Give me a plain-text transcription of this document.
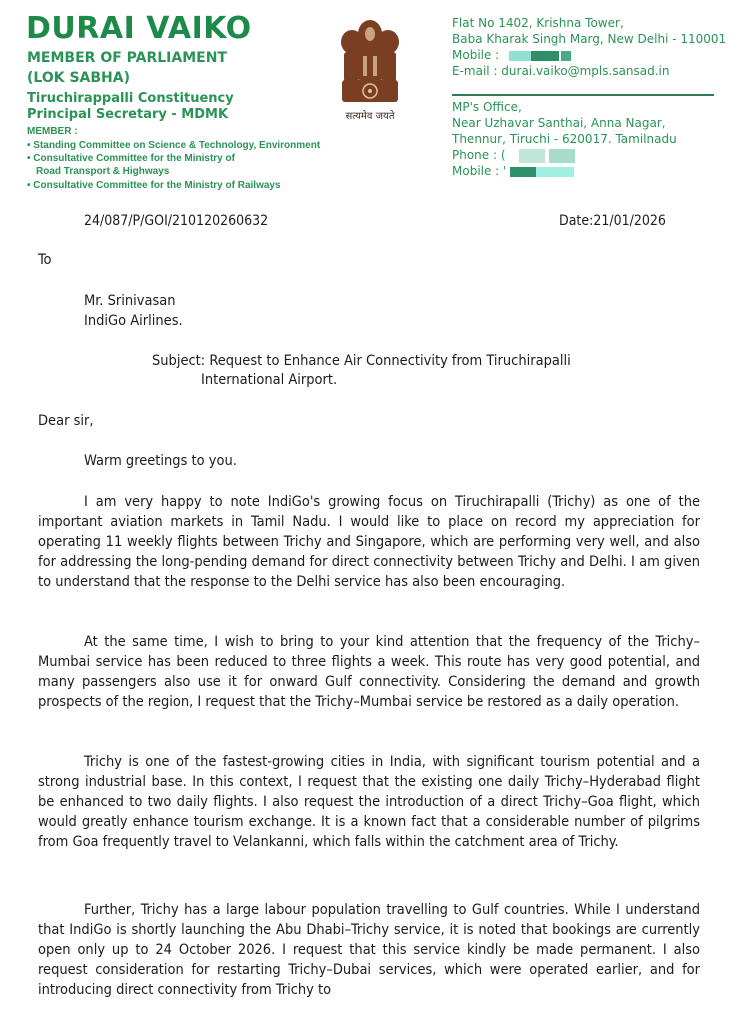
DURAI VAIKO
MEMBER OF PARLIAMENT
(LOK SABHA)
Tiruchirappalli Constituency
Principal Secretary - MDMK
MEMBER :
• Standing Committee on Science & Technology, Environment
• Consultative Committee for the Ministry of
Road Transport & Highways
• Consultative Committee for the Ministry of Railways
सत्यमेव जयते
Flat No 1402, Krishna Tower,
Baba Kharak Singh Marg, New Delhi - 110001
Mobile :
E-mail : durai.vaiko@mpls.sansad.in
MP's Office,
Near Uzhavar Santhai, Anna Nagar,
Thennur, Tiruchi - 620017. Tamilnadu
Phone : (
Mobile : '
24/087/P/GOI/210120260632	Date:21/01/2026
To
Mr. Srinivasan
IndiGo Airlines.
Subject: Request to Enhance Air Connectivity from Tiruchirapalli
International Airport.
Dear sir,
Warm greetings to you.

I am very happy to note IndiGo's growing focus on Tiruchirapalli (Trichy) as one of the important aviation markets in Tamil Nadu. I would like to place on record my appreciation for operating 11 weekly flights between Trichy and Singapore, which are performing very well, and also for addressing the long-pending demand for direct connectivity between Trichy and Delhi. I am given to understand that the response to the Delhi service has also been encouraging.

At the same time, I wish to bring to your kind attention that the frequency of the Trichy–Mumbai service has been reduced to three flights a week. This route has very good potential, and many passengers also use it for onward Gulf connectivity. Considering the demand and growth prospects of the region, I request that the Trichy–Mumbai service be restored as a daily operation.

Trichy is one of the fastest-growing cities in India, with significant tourism potential and a strong industrial base. In this context, I request that the existing one daily Trichy–Hyderabad flight be enhanced to two daily flights. I also request the introduction of a direct Trichy–Goa flight, which would greatly enhance tourism exchange. It is a known fact that a considerable number of pilgrims from Goa frequently travel to Velankanni, which falls within the catchment area of Trichy.

Further, Trichy has a large labour population travelling to Gulf countries. While I understand that IndiGo is shortly launching the Abu Dhabi–Trichy service, it is noted that bookings are currently open only up to 24 October 2026. I request that this service kindly be made permanent. I also request consideration for restarting Trichy–Dubai services, which were operated earlier, and for introducing direct connectivity from Trichy to
